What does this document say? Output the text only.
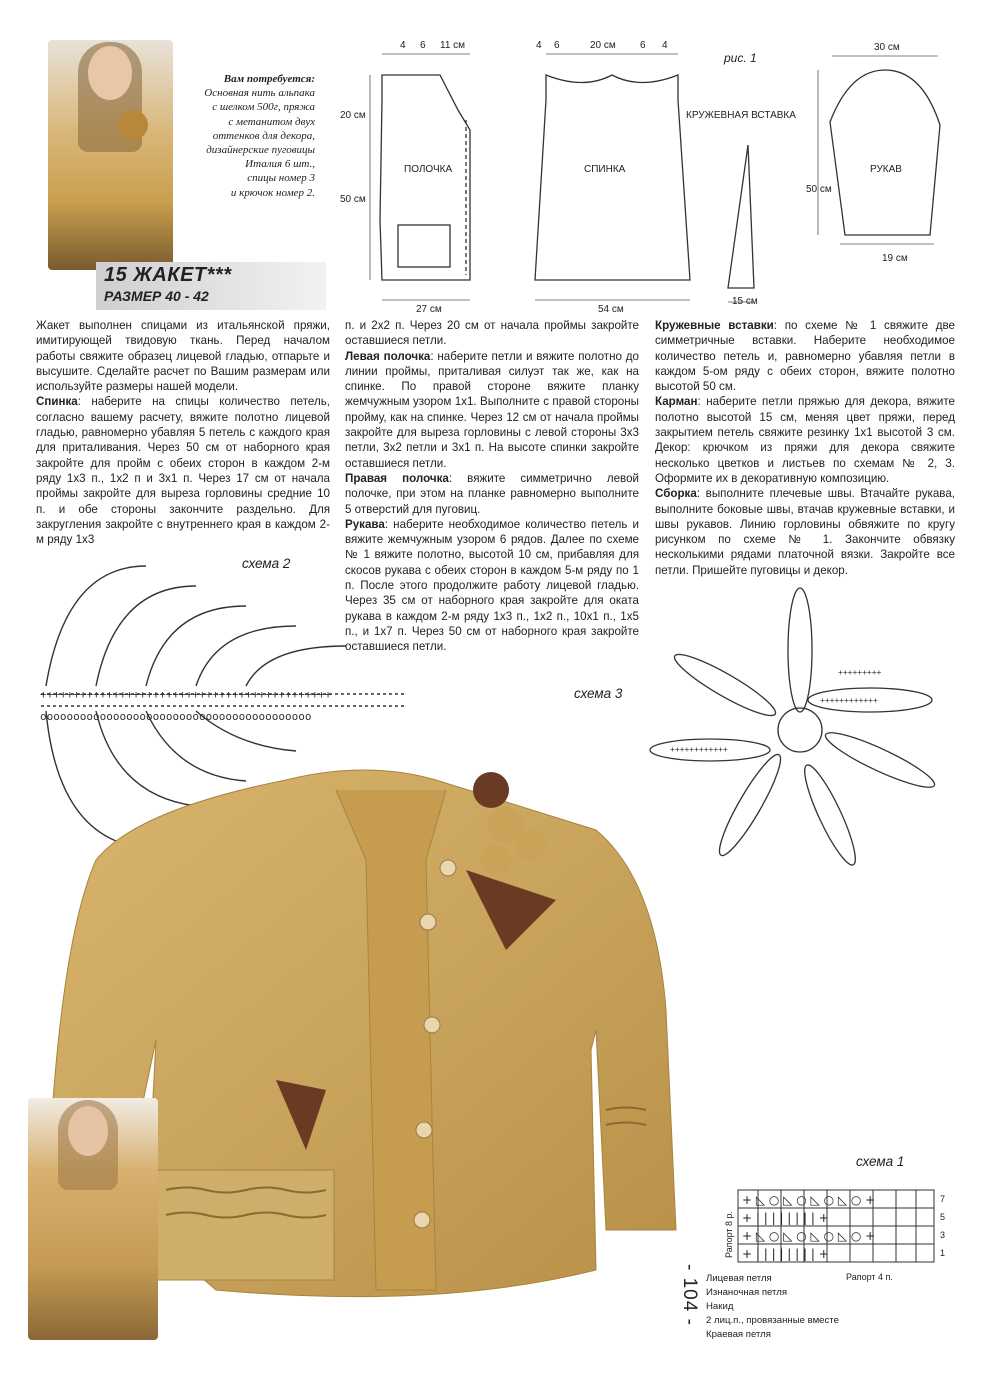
Вам потребуется:
Основная нить альпака
с шелком 500г, пряжа
с метанитом двух
оттенков для декора,
дизайнерские пуговицы
Италия 6 шт.,
спицы номер 3
и крючок номер 2.
15 ЖАКЕТ***
РАЗМЕР 40 - 42
4 6 11 см
20 см
50 см
ПОЛОЧКА
27 см
4 6	20 см 6 4
СПИНКА
54 см
КРУЖЕВНАЯ ВСТАВКА
15 см
30 см
50 см
РУКАВ
19 см
рис. 1

Жакет выполнен спицами из итальянской пряжи, имитирующей твидовую ткань. Перед началом работы свяжите образец лицевой гладью, отпарьте и высушите. Сделайте расчет по Вашим размерам или используйте размеры нашей модели.

Спинка: наберите на спицы количество петель, согласно вашему расчету, вяжите полотно лицевой гладью, равномерно убавляя 5 петель с каждого края для приталивания. Через 50 см от наборного края закройте для пройм с обеих сторон в каждом 2-м ряду 1х3 п., 1х2 п и 3х1 п. Через 17 см от начала проймы закройте для выреза горловины средние 10 п. и обе стороны закончите раздельно. Для закругления закройте с внутреннего края в каждом 2-м ряду 1х3

п. и 2х2 п. Через 20 см от начала проймы закройте оставшиеся петли.

Левая полочка: наберите петли и вяжите полотно до линии проймы, приталивая силуэт так же, как на спинке. По правой стороне вяжите планку жемчужным узором 1х1. Выполните с правой стороны пройму, как на спинке. Через 12 см от начала проймы закройте для выреза горловины с левой стороны 3х3 петли, 3х2 петли и 3х1 п. На высоте спинки закройте оставшиеся петли.

Правая полочка: вяжите симметрично левой полочке, при этом на планке равномерно выполните 5 отверстий для пуговиц.

Рукава: наберите необходимое количество петель и вяжите жемчужным узором 6 рядов. Далее по схеме № 1 вяжите полотно, высотой 10 см, прибавляя для скосов рукава с обеих сторон в каждом 5-м ряду по 1 п. После этого продолжите работу лицевой гладью. Через 35 см от наборного края закройте для оката рукава в каждом 2-м ряду 1х3 п., 1х2 п., 10х1 п., 1х5 п., и 1х7 п. Через 50 см от наборного края закройте оставшиеся петли.

Кружевные вставки: по схеме № 1 свяжите две симметричные вставки. Наберите необходимое количество петель и, равномерно убавляя петли в каждом 5-ом ряду с обеих сторон, вяжите полотно высотой 50 см.

Карман: наберите петли пряжью для декора, вяжите полотно высотой 15 см, меняя цвет пряжи, перед закрытием петель свяжите резинку 1х1 высотой 3 см. Декор: крючком из пряжи для декора свяжите несколько цветков и листьев по схемам № 2, 3. Оформите их в декоративную композицию.

Сборка: выполните плечевые швы. Втачайте рукава, выполните боковые швы, втачав кружевные вставки, и швы рукавов. Линию горловины обвяжите по кругу рисунком по схеме № 1. Закончите обвязку несколькими рядами платочной вязки. Закройте все петли. Пришейте пуговицы и декор.

схема 2
++++++++++++++++++++++++++++++++++++++++++++
ooooooooooooooooooooooooooooooooooooooooo
схема 3
++++++++++++
++++++++++++
+++++++++
схема 1
+ ◺ ○ ◺ ○ ◺ ○ ◺ ○ +
+ | | | | | | | | +
+ ◺ ○ ◺ ○ ◺ ○ ◺ ○ +
+ | | | | | | | | +
7
5
3
1
Рапорт 4 п.
Рапорт 8 р.
Лицевая петля
Изнаночная петля
Накид
2 лиц.п., провязанные вместе
Краевая петля
- 104 -
